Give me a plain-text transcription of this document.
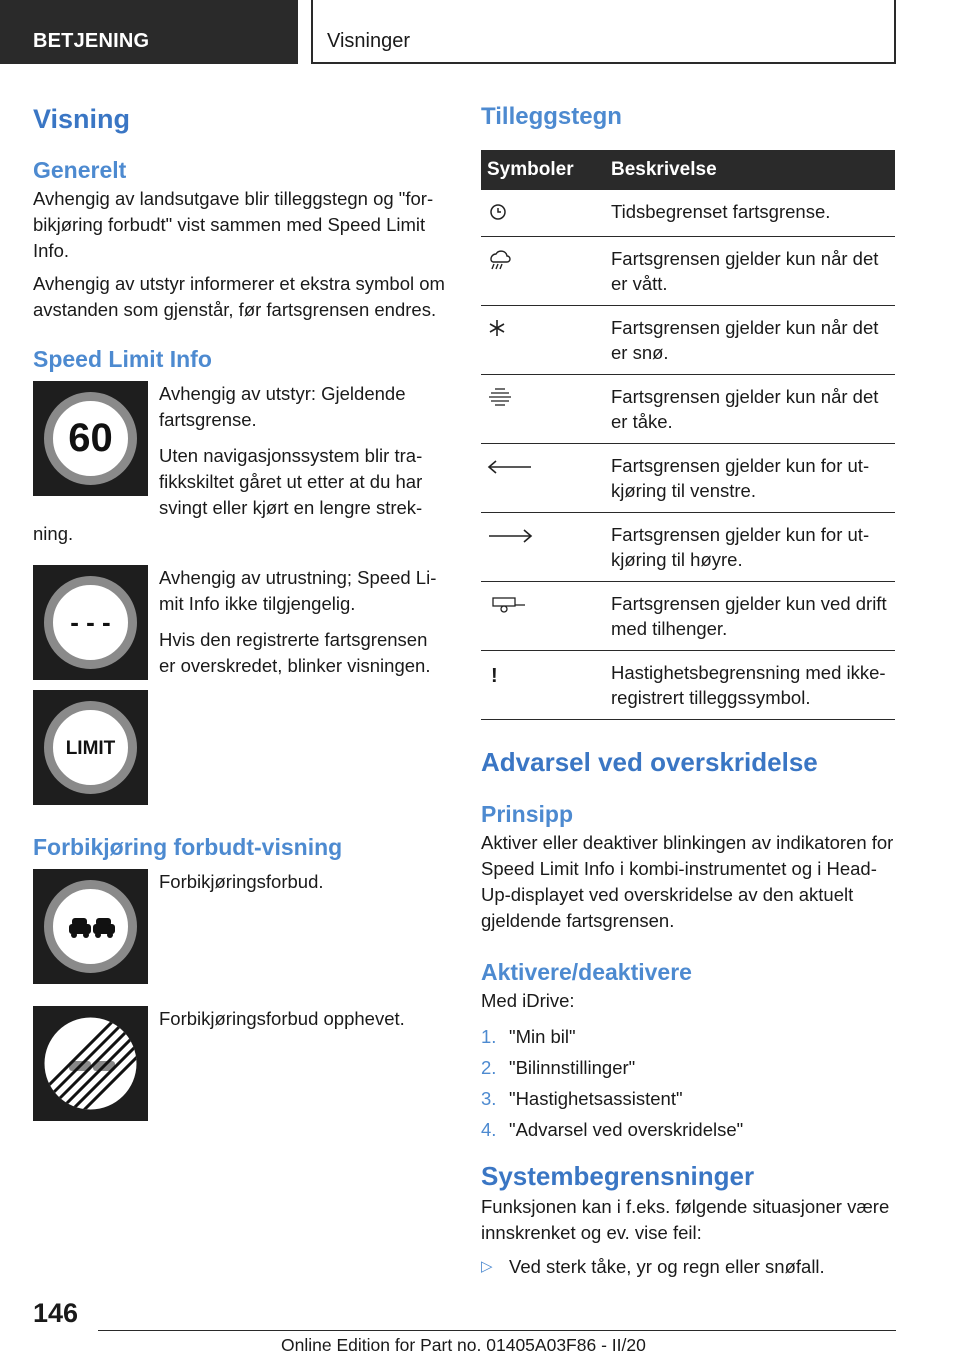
BETJENING	Visninger
Visning
Generelt

Avhengig av landsutgave blir tilleggstegn og "forbikjøring forbudt" vist sammen med Speed Limit Info.

Avhengig av utstyr informerer et ekstra symbol om avstanden som gjenstår, før fartsgrensen endres.

Speed Limit Info
60

Avhengig av utstyr: Gjeldende fartsgrense.

Uten navigasjonssystem blir trafikkskiltet gåret ut etter at du har svingt eller kjørt en lengre strek-

ning.

- - -

Avhengig av utrustning; Speed Limit Info ikke tilgjengelig.

Hvis den registrerte fartsgrensen er overskredet, blinker visningen.

LIMIT
Forbikjøring forbudt-visning

Forbikjøringsforbud.

Forbikjøringsforbud opphevet.

Tilleggstegn
Symboler	Beskrivelse
	Tidsbegrenset fartsgrense.
	Fartsgrensen gjelder kun når det er vått.
	Fartsgrensen gjelder kun når det er snø.
	Fartsgrensen gjelder kun når det er tåke.
	Fartsgrensen gjelder kun for utkjøring til venstre.
	Fartsgrensen gjelder kun for utkjøring til høyre.
	Fartsgrensen gjelder kun ved drift med tilhenger.
!	Hastighetsbegrensning med ikke-registrert tilleggssymbol.
Advarsel ved overskridelse
Prinsipp

Aktiver eller deaktiver blinkingen av indikatoren for Speed Limit Info i kombi-instrumentet og i Head-Up-displayet ved overskridelse av den aktuelt gjeldende fartsgrensen.

Aktivere/deaktivere

Med iDrive:

1. "Min bil"
2. "Bilinnstillinger"
3. "Hastighetsassistent"
4. "Advarsel ved overskridelse"
Systembegrensninger

Funksjonen kan i f.eks. følgende situasjoner være innskrenket og ev. vise feil:

▷ Ved sterk tåke, yr og regn eller snøfall.
146
Online Edition for Part no. 01405A03F86 - II/20
